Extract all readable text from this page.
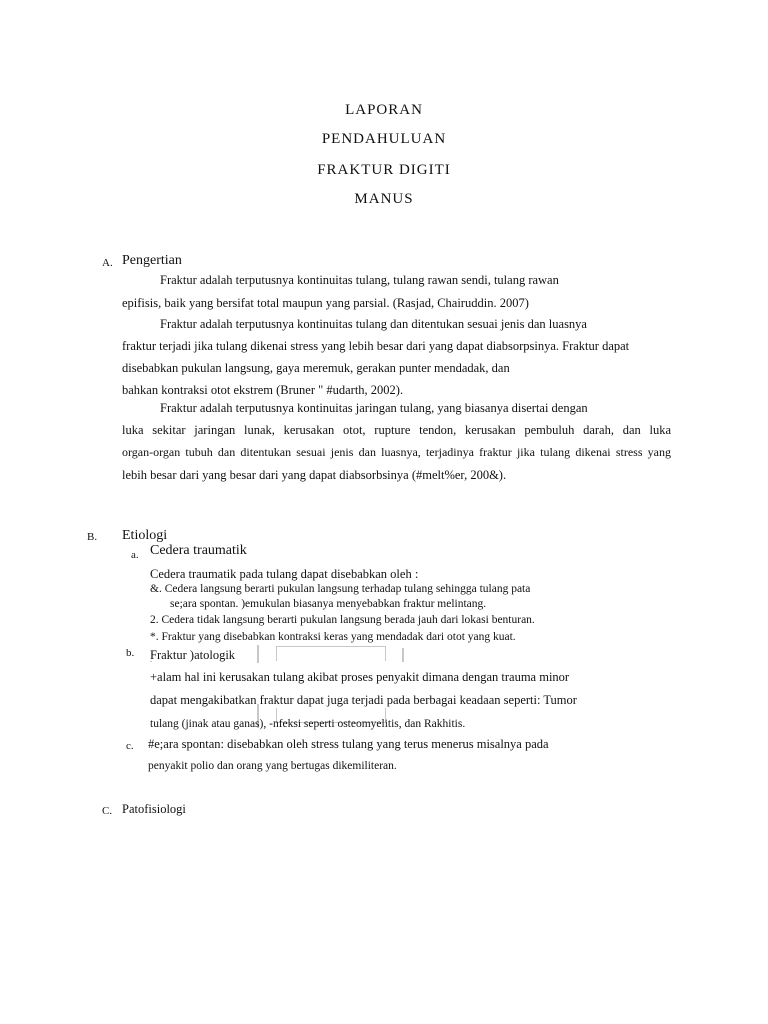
LAPORAN
PENDAHULUAN
FRAKTUR DIGITI
MANUS
A. Pengertian
Fraktur adalah terputusnya kontinuitas tulang, tulang rawan sendi, tulang rawan
epifisis, baik yang bersifat total maupun yang parsial. (Rasjad, Chairuddin. 2007)
Fraktur adalah terputusnya kontinuitas tulang dan ditentukan sesuai jenis dan luasnya
fraktur terjadi jika tulang dikenai stress yang lebih besar dari yang dapat diabsorpsinya. Fraktur dapat
disebabkan pukulan langsung, gaya meremuk, gerakan punter mendadak, dan
bahkan kontraksi otot ekstrem (Bruner " #udarth, 2002).
Fraktur adalah terputusnya kontinuitas jaringan tulang, yang biasanya disertai dengan
luka sekitar jaringan lunak, kerusakan otot, rupture tendon, kerusakan pembuluh darah, dan luka
organ-organ tubuh dan ditentukan sesuai jenis dan luasnya, terjadinya fraktur jika tulang dikenai stress yang
lebih besar dari yang besar dari yang dapat diabsorbsinya (#melt%er, 200&).
B. Etiologi
a. Cedera traumatik
Cedera traumatik pada tulang dapat disebabkan oleh :
&. Cedera langsung berarti pukulan langsung terhadap tulang sehingga tulang pata
se;ara spontan. )emukulan biasanya menyebabkan fraktur melintang.
2. Cedera tidak langsung berarti pukulan langsung berada jauh dari lokasi benturan.
*. Fraktur yang disebabkan kontraksi keras yang mendadak dari otot yang kuat.
b. Fraktur )atologik
+alam hal ini kerusakan tulang akibat proses penyakit dimana dengan trauma minor
dapat mengakibatkan fraktur dapat juga terjadi pada berbagai keadaan seperti: Tumor
tulang (jinak atau ganas), -nfeksi seperti osteomyelitis, dan Rakhitis.
c. #e;ara spontan: disebabkan oleh stress tulang yang terus menerus misalnya pada
penyakit polio dan orang yang bertugas dikemiliteran.
C. Patofisiologi
